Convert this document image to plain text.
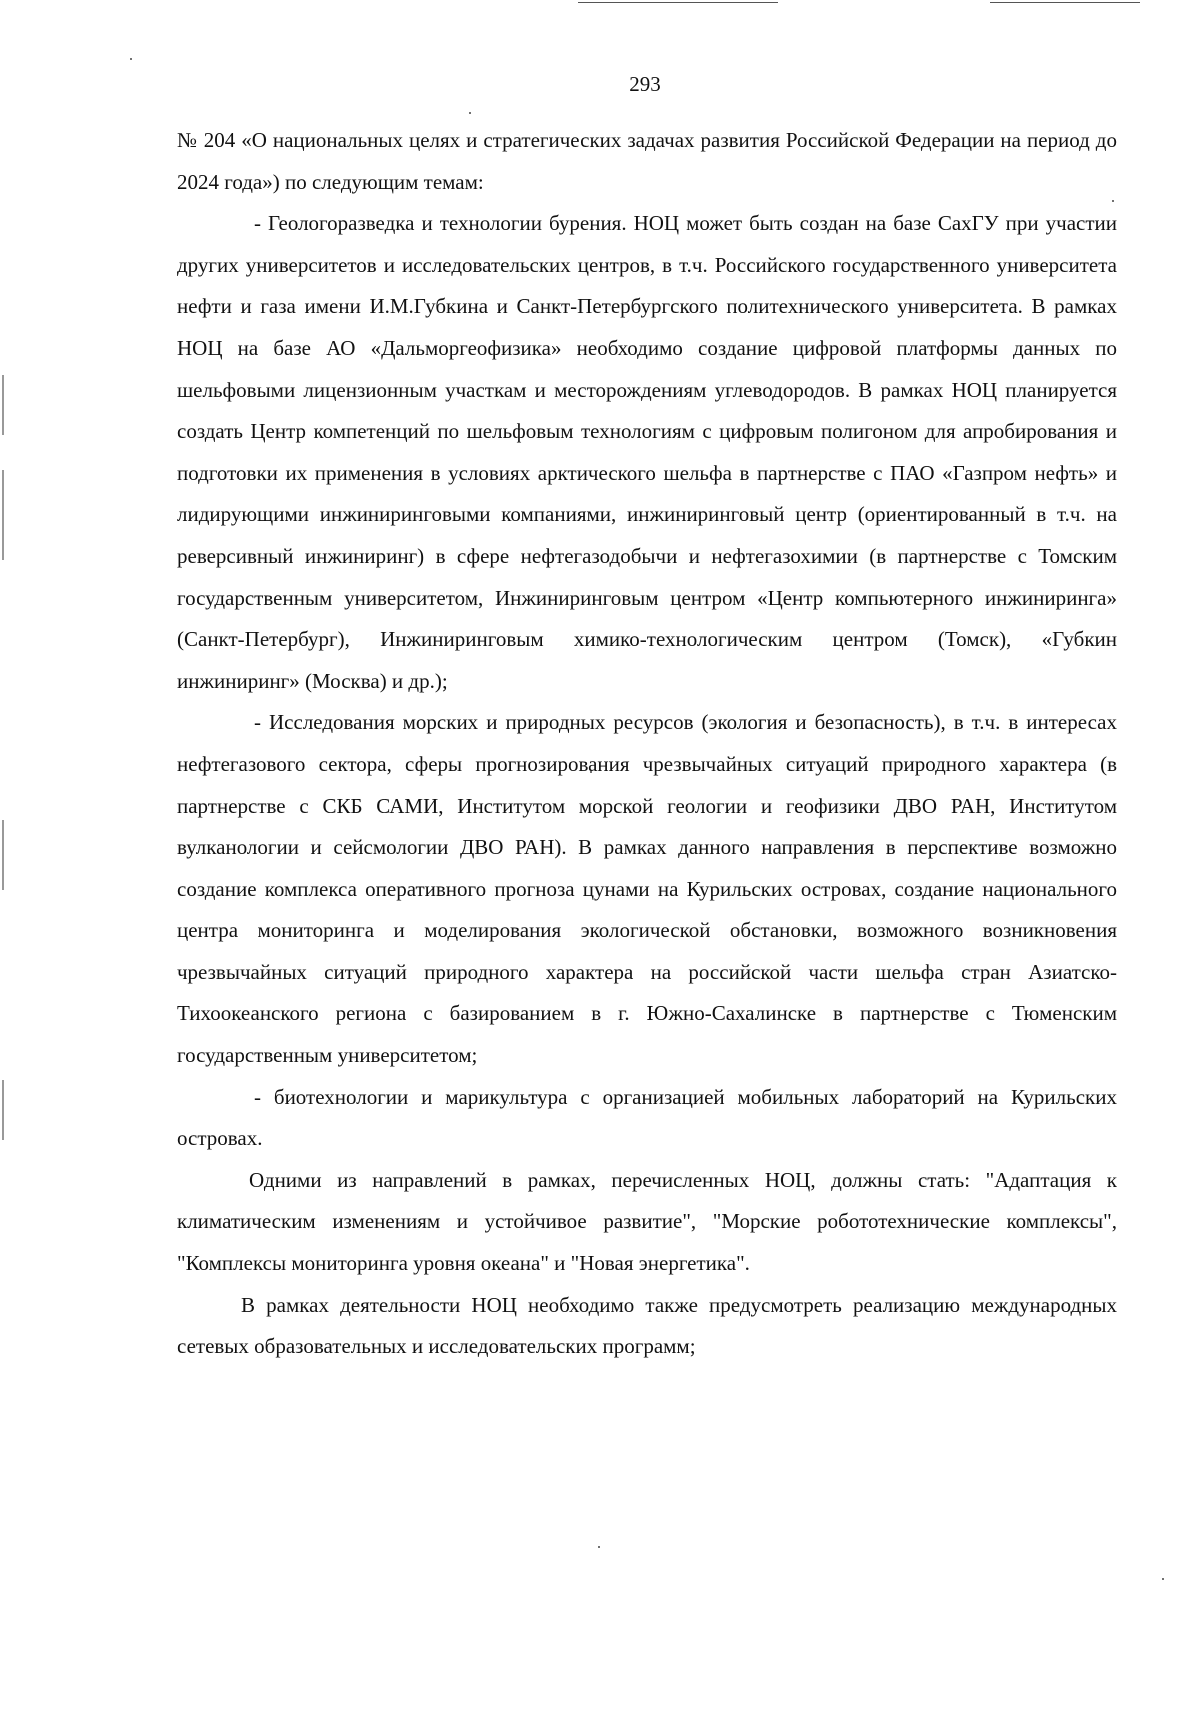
293

№ 204 «О национальных целях и стратегических задачах развития Российской Федерации на период до 2024 года») по следующим темам:

- Геологоразведка и технологии бурения. НОЦ может быть создан на базе СахГУ при участии других университетов и исследовательских центров, в т.ч. Российского государственного университета нефти и газа имени И.М.Губкина и Санкт-Петербургского политехнического университета. В рамках НОЦ на базе АО «Дальморгеофизика» необходимо создание цифровой платформы данных по шельфовыми лицензионным участкам и месторождениям углеводородов. В рамках НОЦ планируется создать Центр компетенций по шельфовым технологиям с цифровым полигоном для апробирования и подготовки их применения в условиях арктического шельфа в партнерстве с ПАО «Газпром нефть» и лидирующими инжиниринговыми компаниями, инжиниринговый центр (ориентированный в т.ч. на реверсивный инжиниринг) в сфере нефтегазодобычи и нефтегазохимии (в партнерстве с Томским государственным университетом, Инжиниринговым центром «Центр компьютерного инжиниринга» (Санкт-Петербург), Инжиниринговым химико-технологическим центром (Томск), «Губкин инжиниринг» (Москва) и др.);

- Исследования морских и природных ресурсов (экология и безопасность), в т.ч. в интересах нефтегазового сектора, сферы прогнозирования чрезвычайных ситуаций природного характера (в партнерстве с СКБ САМИ, Институтом морской геологии и геофизики ДВО РАН, Институтом вулканологии и сейсмологии ДВО РАН). В рамках данного направления в перспективе возможно создание комплекса оперативного прогноза цунами на Курильских островах, создание национального центра мониторинга и моделирования экологической обстановки, возможного возникновения чрезвычайных ситуаций природного характера на российской части шельфа стран Азиатско-Тихоокеанского региона с базированием в г. Южно-Сахалинске в партнерстве с Тюменским государственным университетом;

- биотехнологии и марикультура с организацией мобильных лабораторий на Курильских островах.

Одними из направлений в рамках, перечисленных НОЦ, должны стать: "Адаптация к климатическим изменениям и устойчивое развитие", "Морские робототехнические комплексы", "Комплексы мониторинга уровня океана" и "Новая энергетика".

В рамках деятельности НОЦ необходимо также предусмотреть реализацию международных сетевых образовательных и исследовательских программ;
